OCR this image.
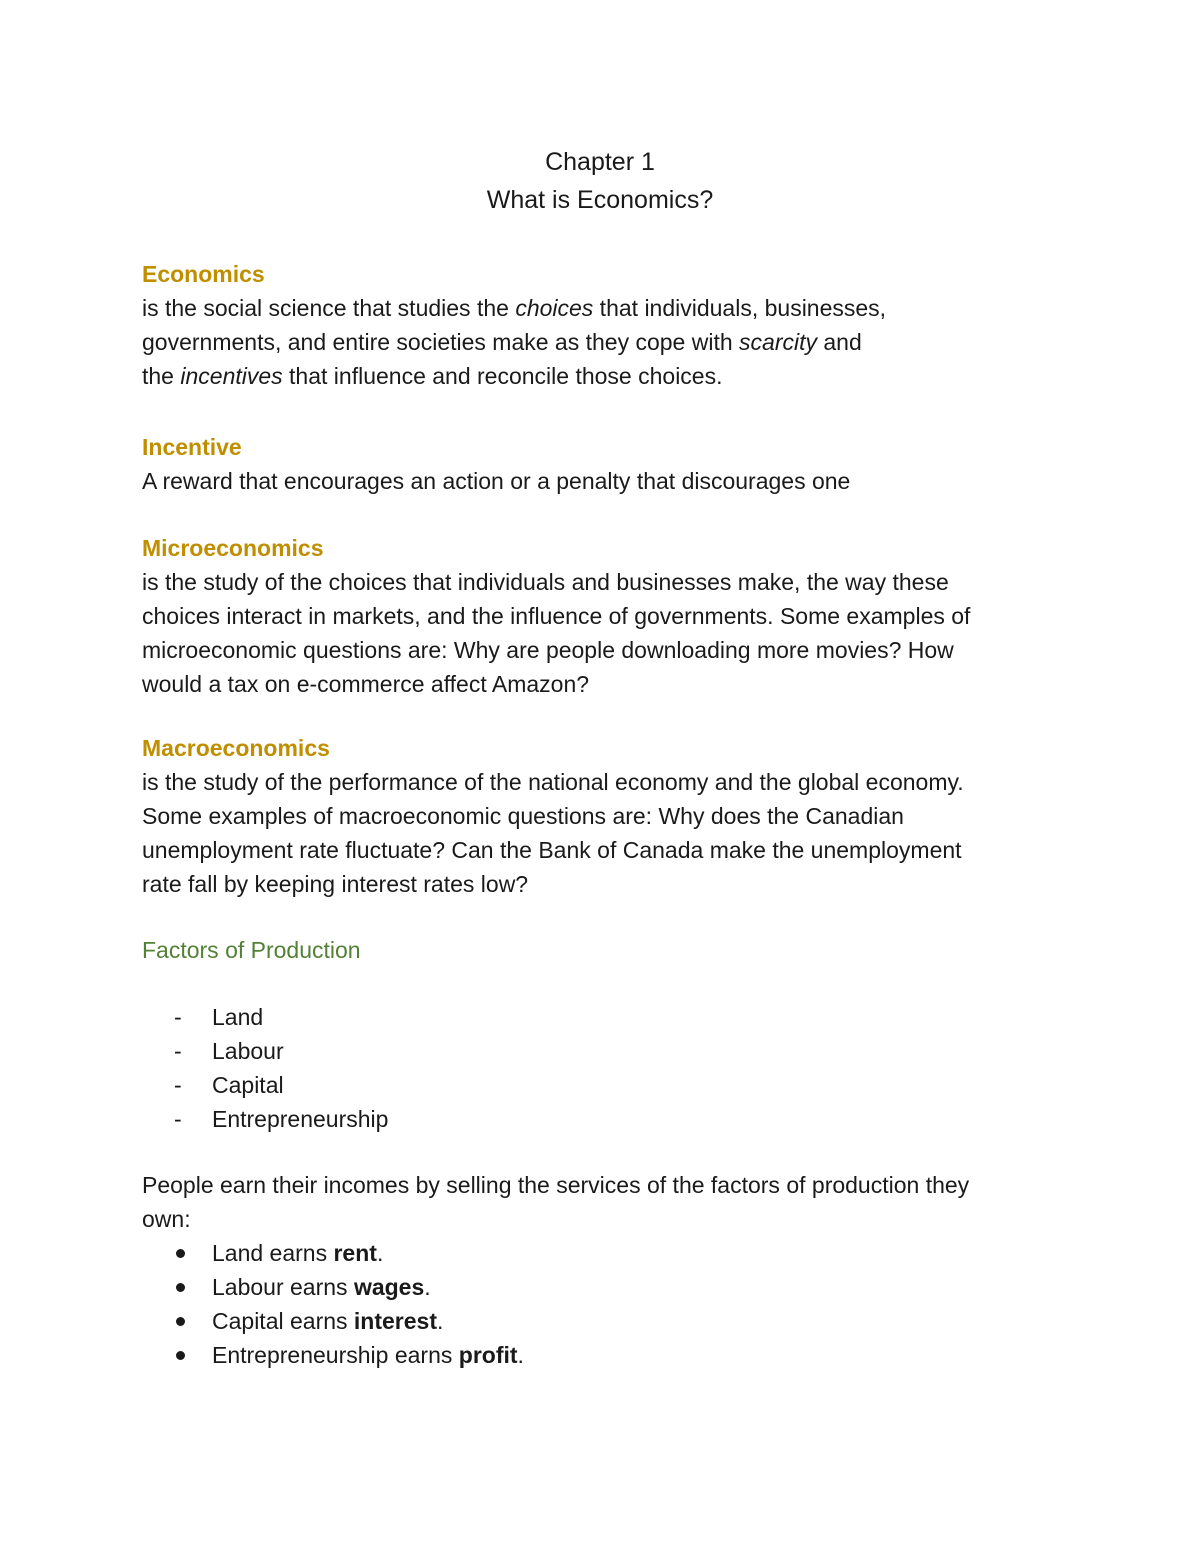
Chapter 1
What is Economics?
Economics
is the social science that studies the choices that individuals, businesses,
governments, and entire societies make as they cope with scarcity and
the incentives that influence and reconcile those choices.
Incentive
A reward that encourages an action or a penalty that discourages one
Microeconomics
is the study of the choices that individuals and businesses make, the way these
choices interact in markets, and the influence of governments. Some examples of
microeconomic questions are: Why are people downloading more movies? How
would a tax on e-commerce affect Amazon?
Macroeconomics
is the study of the performance of the national economy and the global economy.
Some examples of macroeconomic questions are: Why does the Canadian
unemployment rate fluctuate? Can the Bank of Canada make the unemployment
rate fall by keeping interest rates low?
Factors of Production
- Land
- Labour
- Capital
- Entrepreneurship
People earn their incomes by selling the services of the factors of production they
own:
Land earns rent.
Labour earns wages.
Capital earns interest.
Entrepreneurship earns profit.
